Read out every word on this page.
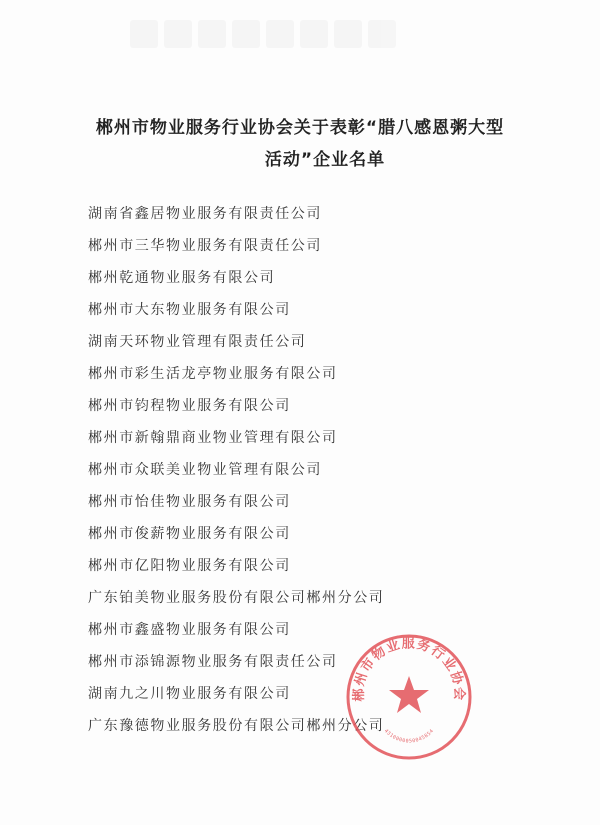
郴州市物业服务行业协会关于表彰“腊八感恩粥大型
活动”企业名单
湖南省鑫居物业服务有限责任公司
郴州市三华物业服务有限责任公司
郴州乾通物业服务有限公司
郴州市大东物业服务有限公司
湖南天环物业管理有限责任公司
郴州市彩生活龙亭物业服务有限公司
郴州市钧程物业服务有限公司
郴州市新翰鼎商业物业管理有限公司
郴州市众联美业物业管理有限公司
郴州市怡佳物业服务有限公司
郴州市俊薪物业服务有限公司
郴州市亿阳物业服务有限公司
广东铂美物业服务股份有限公司郴州分公司
郴州市鑫盛物业服务有限公司
郴州市添锦源物业服务有限责任公司
湖南九之川物业服务有限公司
广东豫德物业服务股份有限公司郴州分公司
郴州市物业服务行业协会
4310000050045854
